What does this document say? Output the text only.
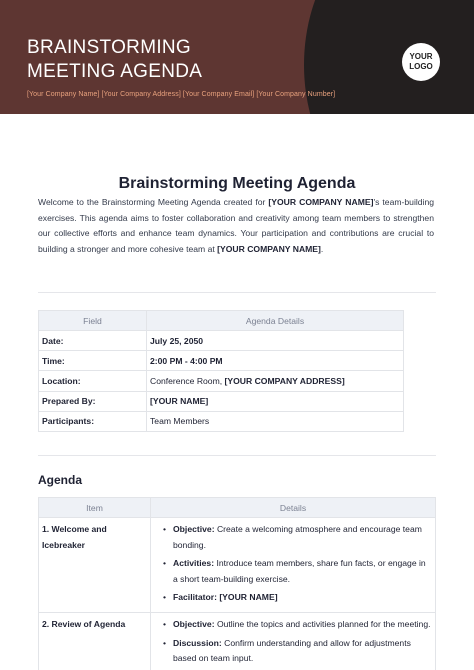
BRAINSTORMING
MEETING AGENDA
[Your Company Name] [Your Company Address] [Your Company Email] [Your Company Number]
YOUR
LOGO
Brainstorming Meeting Agenda

Welcome to the Brainstorming Meeting Agenda created for [YOUR COMPANY NAME]'s team-building exercises. This agenda aims to foster collaboration and creativity among team members to strengthen our collective efforts and enhance team dynamics. Your participation and contributions are crucial to building a stronger and more cohesive team at [YOUR COMPANY NAME].

Field	Agenda Details
Date:	July 25, 2050
Time:	2:00 PM - 4:00 PM
Location:	Conference Room, [YOUR COMPANY ADDRESS]
Prepared By:	[YOUR NAME]
Participants:	Team Members
Agenda
Item	Details
1. Welcome and Icebreaker	• Objective: Create a welcoming atmosphere and encourage team bonding.
• Activities: Introduce team members, share fun facts, or engage in a short team-building exercise.
• Facilitator: [YOUR NAME]

2. Review of Agenda	• Objective: Outline the topics and activities planned for the meeting.
• Discussion: Confirm understanding and allow for adjustments based on team input.
